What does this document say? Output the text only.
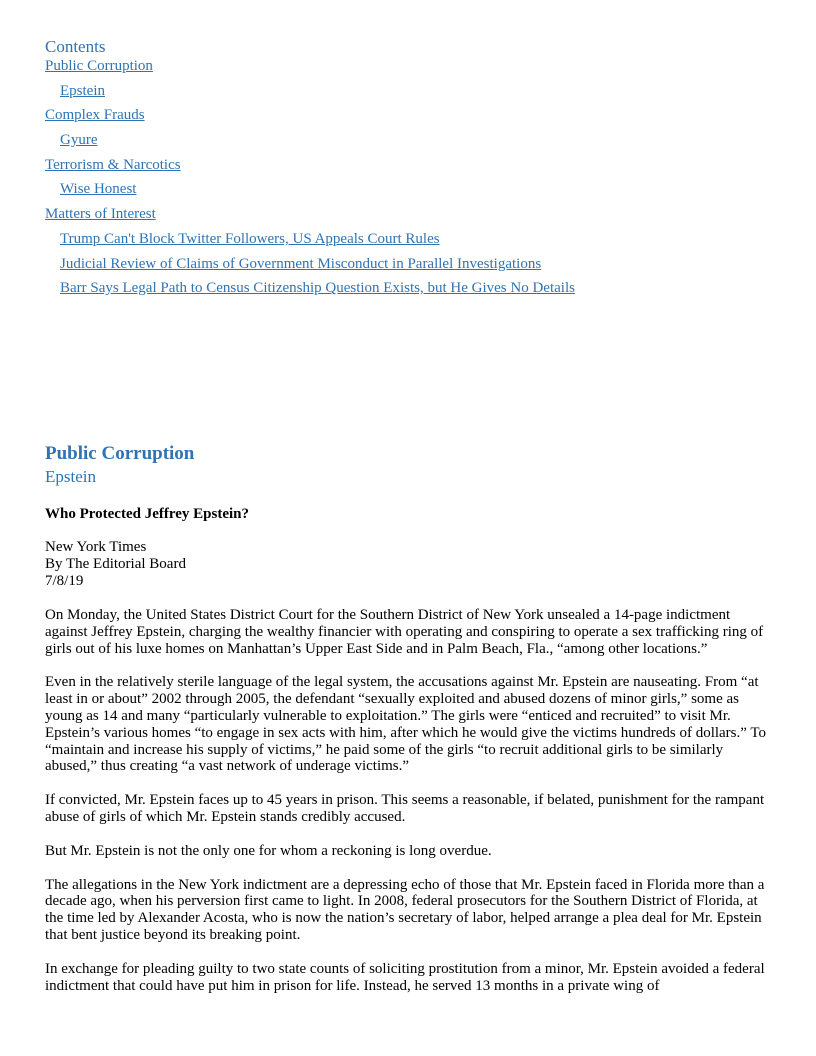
Contents
Public Corruption
Epstein
Complex Frauds
Gyure
Terrorism & Narcotics
Wise Honest
Matters of Interest
Trump Can't Block Twitter Followers, US Appeals Court Rules
Judicial Review of Claims of Government Misconduct in Parallel Investigations
Barr Says Legal Path to Census Citizenship Question Exists, but He Gives No Details
Public Corruption
Epstein
Who Protected Jeffrey Epstein?
New York Times
By The Editorial Board
7/8/19

On Monday, the United States District Court for the Southern District of New York unsealed a 14-page indictment against Jeffrey Epstein, charging the wealthy financier with operating and conspiring to operate a sex trafficking ring of girls out of his luxe homes on Manhattan’s Upper East Side and in Palm Beach, Fla., “among other locations.”

Even in the relatively sterile language of the legal system, the accusations against Mr. Epstein are nauseating. From “at least in or about” 2002 through 2005, the defendant “sexually exploited and abused dozens of minor girls,” some as young as 14 and many “particularly vulnerable to exploitation.” The girls were “enticed and recruited” to visit Mr. Epstein’s various homes “to engage in sex acts with him, after which he would give the victims hundreds of dollars.” To “maintain and increase his supply of victims,” he paid some of the girls “to recruit additional girls to be similarly abused,” thus creating “a vast network of underage victims.”

If convicted, Mr. Epstein faces up to 45 years in prison. This seems a reasonable, if belated, punishment for the rampant abuse of girls of which Mr. Epstein stands credibly accused.

But Mr. Epstein is not the only one for whom a reckoning is long overdue.

The allegations in the New York indictment are a depressing echo of those that Mr. Epstein faced in Florida more than a decade ago, when his perversion first came to light. In 2008, federal prosecutors for the Southern District of Florida, at the time led by Alexander Acosta, who is now the nation’s secretary of labor, helped arrange a plea deal for Mr. Epstein that bent justice beyond its breaking point.

In exchange for pleading guilty to two state counts of soliciting prostitution from a minor, Mr. Epstein avoided a federal indictment that could have put him in prison for life. Instead, he served 13 months in a private wing of
